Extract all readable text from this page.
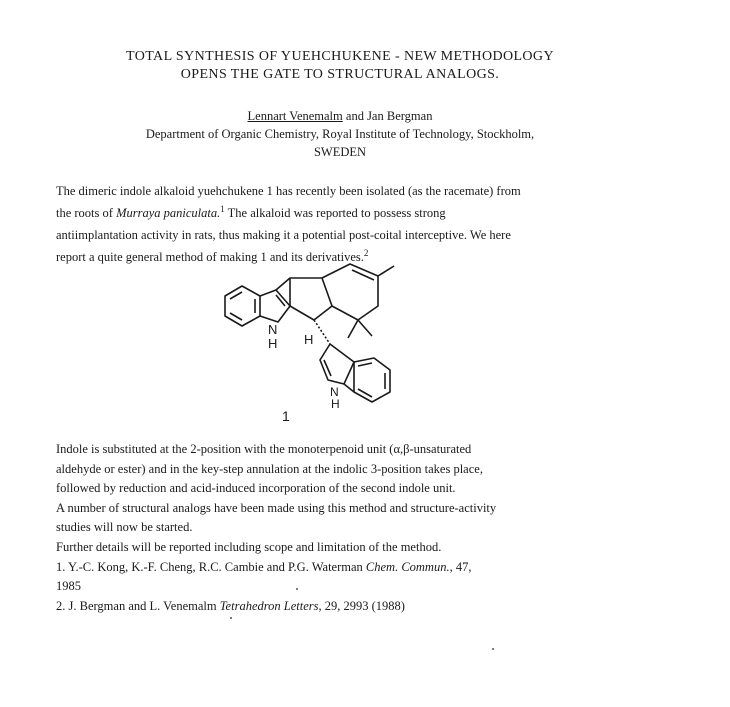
TOTAL SYNTHESIS OF YUEHCHUKENE - NEW METHODOLOGY
OPENS THE GATE TO STRUCTURAL ANALOGS.
Lennart Venemalm and Jan Bergman
Department of Organic Chemistry, Royal Institute of Technology, Stockholm,
SWEDEN
The dimeric indole alkaloid yuehchukene 1 has recently been isolated (as the racemate) from
the roots of Murraya paniculata.$^1$ The alkaloid was reported to possess strong
antiimplantation activity in rats, thus making it a potential post-coital interceptive. We here
report a quite general method of making 1 and its derivatives.$^2$
N
H H
N
H
1
Indole is substituted at the 2-position with the monoterpenoid unit (α,β-unsaturated
aldehyde or ester) and in the key-step annulation at the indolic 3-position takes place,
followed by reduction and acid-induced incorporation of the second indole unit.
A number of structural analogs have been made using this method and structure-activity
studies will now be started.
Further details will be reported including scope and limitation of the method.
1. Y.-C. Kong, K.-F. Cheng, R.C. Cambie and P.G. Waterman Chem. Commun., 47,
1985
2. J. Bergman and L. Venemalm Tetrahedron Letters, 29, 2993 (1988)
